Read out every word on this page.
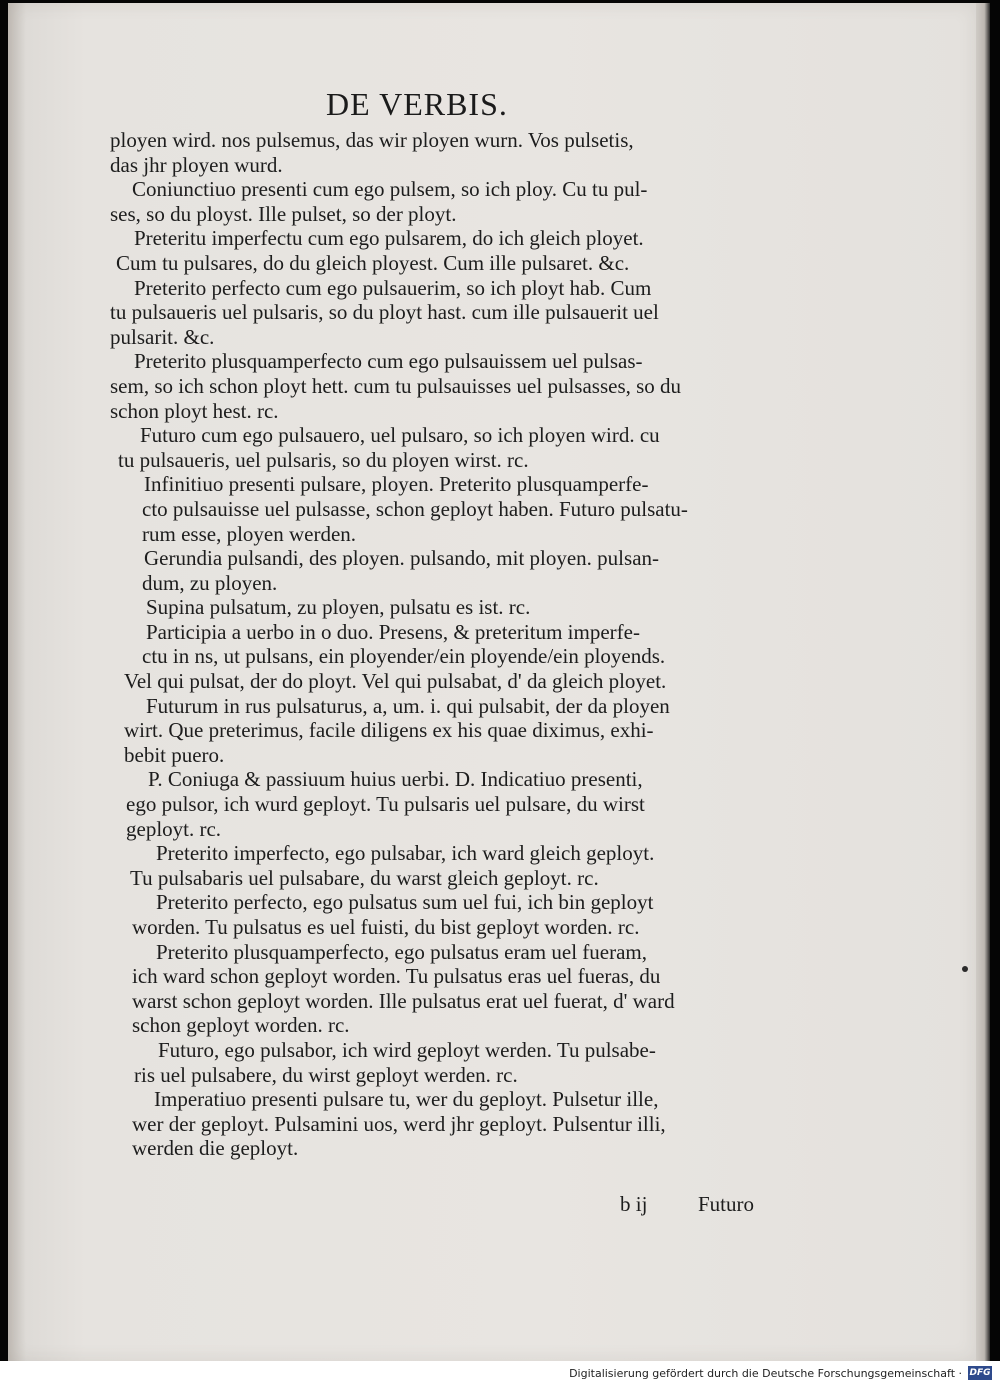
DE VERBIS.
ployen wird. nos pulsemus, das wir ployen wurn. Vos pulsetis,
das jhr ployen wurd.
Coniunctiuo presenti cum ego pulsem, so ich ploy. Cu tu pul-
ses, so du ployst. Ille pulset, so der ployt.
Preteritu imperfectu cum ego pulsarem, do ich gleich ployet.
Cum tu pulsares, do du gleich ployest. Cum ille pulsaret. &c.
Preterito perfecto cum ego pulsauerim, so ich ployt hab. Cum
tu pulsaueris uel pulsaris, so du ployt hast. cum ille pulsauerit uel
pulsarit. &c.
Preterito plusquamperfecto cum ego pulsauissem uel pulsas-
sem, so ich schon ployt hett. cum tu pulsauisses uel pulsasses, so du
schon ployt hest. rc.
Futuro cum ego pulsauero, uel pulsaro, so ich ployen wird. cu
tu pulsaueris, uel pulsaris, so du ployen wirst. rc.
Infinitiuo presenti pulsare, ployen. Preterito plusquamperfe-
cto pulsauisse uel pulsasse, schon geployt haben. Futuro pulsatu-
rum esse, ployen werden.
Gerundia pulsandi, des ployen. pulsando, mit ployen. pulsan-
dum, zu ployen.
Supina pulsatum, zu ployen, pulsatu es ist. rc.
Participia a uerbo in o duo. Presens, & preteritum imperfe-
ctu in ns, ut pulsans, ein ployender/ein ployende/ein ployends.
Vel qui pulsat, der do ployt. Vel qui pulsabat, d' da gleich ployet.
Futurum in rus pulsaturus, a, um. i. qui pulsabit, der da ployen
wirt. Que preterimus, facile diligens ex his quae diximus, exhi-
bebit puero.
P. Coniuga & passiuum huius uerbi. D. Indicatiuo presenti,
ego pulsor, ich wurd geployt. Tu pulsaris uel pulsare, du wirst
geployt. rc.
Preterito imperfecto, ego pulsabar, ich ward gleich geployt.
Tu pulsabaris uel pulsabare, du warst gleich geployt. rc.
Preterito perfecto, ego pulsatus sum uel fui, ich bin geployt
worden. Tu pulsatus es uel fuisti, du bist geployt worden. rc.
Preterito plusquamperfecto, ego pulsatus eram uel fueram,
ich ward schon geployt worden. Tu pulsatus eras uel fueras, du
warst schon geployt worden. Ille pulsatus erat uel fuerat, d' ward
schon geployt worden. rc.
Futuro, ego pulsabor, ich wird geployt werden. Tu pulsabe-
ris uel pulsabere, du wirst geployt werden. rc.
Imperatiuo presenti pulsare tu, wer du geployt. Pulsetur ille,
wer der geployt. Pulsamini uos, werd jhr geployt. Pulsentur illi,
werden die geployt.
b ij Futuro
Digitalisierung gefördert durch die Deutsche Forschungsgemeinschaft · DFG
